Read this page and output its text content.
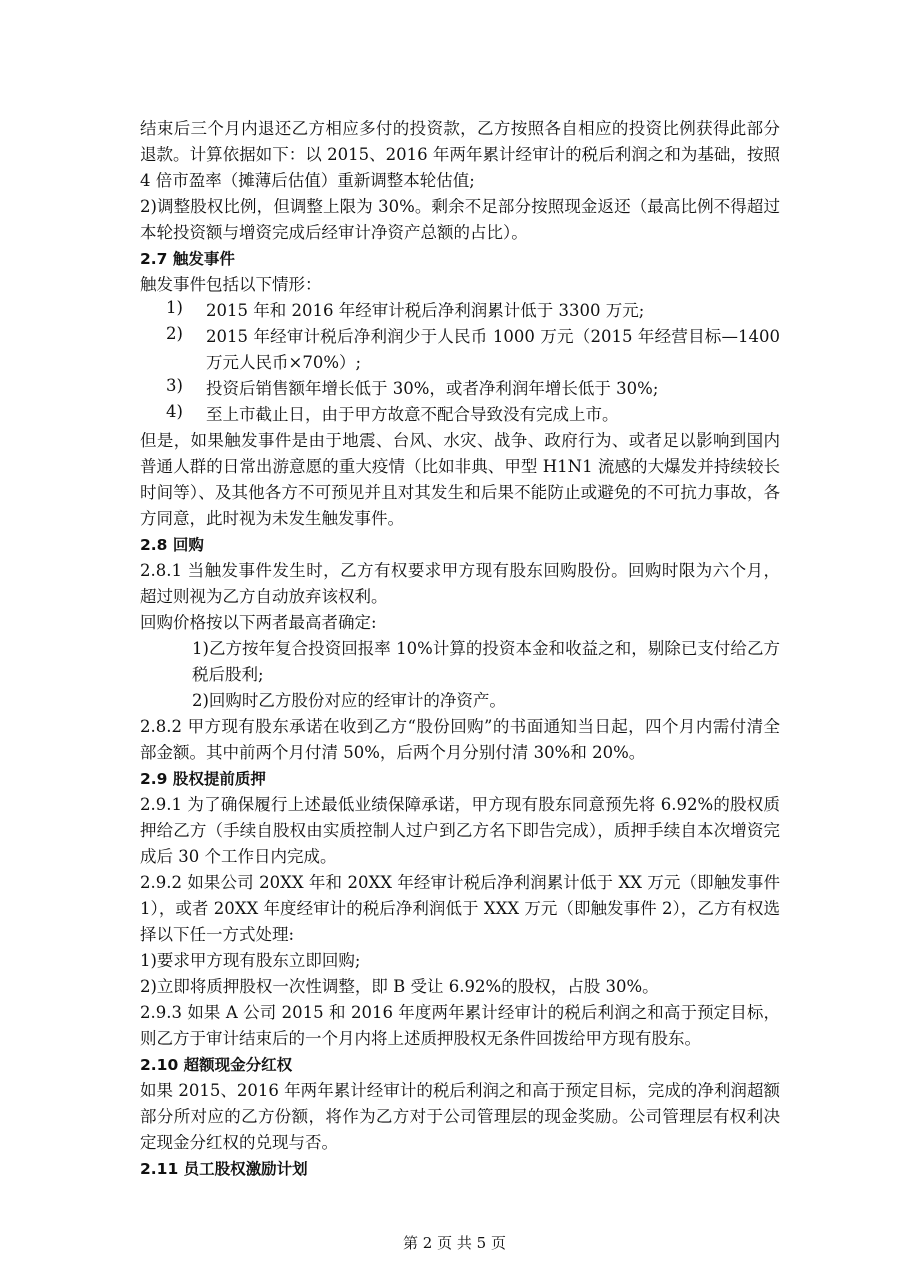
结束后三个月内退还乙方相应多付的投资款，乙方按照各自相应的投资比例获得此部分退款。计算依据如下：以 2015、2016 年两年累计经审计的税后利润之和为基础，按照 4 倍市盈率（摊薄后估值）重新调整本轮估值;

2)调整股权比例，但调整上限为 30%。剩余不足部分按照现金返还（最高比例不得超过本轮投资额与增资完成后经审计净资产总额的占比）。

2.7 触发事件

触发事件包括以下情形：

1)	2015 年和 2016 年经审计税后净利润累计低于 3300 万元;

2)	2015 年经审计税后净利润少于人民币 1000 万元（2015 年经营目标—1400 万元人民币×70%）;

3)	投资后销售额年增长低于 30%，或者净利润年增长低于 30%;

4)	至上市截止日，由于甲方故意不配合导致没有完成上市。

但是，如果触发事件是由于地震、台风、水灾、战争、政府行为、或者足以影响到国内普通人群的日常出游意愿的重大疫情（比如非典、甲型 H1N1 流感的大爆发并持续较长时间等）、及其他各方不可预见并且对其发生和后果不能防止或避免的不可抗力事故，各方同意，此时视为未发生触发事件。

2.8 回购

2.8.1 当触发事件发生时，乙方有权要求甲方现有股东回购股份。回购时限为六个月，超过则视为乙方自动放弃该权利。

回购价格按以下两者最高者确定:

1)乙方按年复合投资回报率 10%计算的投资本金和收益之和，剔除已支付给乙方税后股利;

2)回购时乙方股份对应的经审计的净资产。

2.8.2 甲方现有股东承诺在收到乙方“股份回购”的书面通知当日起，四个月内需付清全部金额。其中前两个月付清 50%，后两个月分别付清 30%和 20%。

2.9 股权提前质押

2.9.1 为了确保履行上述最低业绩保障承诺，甲方现有股东同意预先将 6.92%的股权质押给乙方（手续自股权由实质控制人过户到乙方名下即告完成），质押手续自本次增资完成后 30 个工作日内完成。

2.9.2 如果公司 20XX 年和 20XX 年经审计税后净利润累计低于 XX 万元（即触发事件 1），或者 20XX 年度经审计的税后净利润低于 XXX 万元（即触发事件 2），乙方有权选择以下任一方式处理:

1)要求甲方现有股东立即回购;

2)立即将质押股权一次性调整，即 B 受让 6.92%的股权，占股 30%。

2.9.3 如果 A 公司 2015 和 2016 年度两年累计经审计的税后利润之和高于预定目标，则乙方于审计结束后的一个月内将上述质押股权无条件回拨给甲方现有股东。

2.10 超额现金分红权

如果 2015、2016 年两年累计经审计的税后利润之和高于预定目标，完成的净利润超额部分所对应的乙方份额，将作为乙方对于公司管理层的现金奖励。公司管理层有权利决定现金分红权的兑现与否。

2.11 员工股权激励计划

第 2 页 共 5 页
